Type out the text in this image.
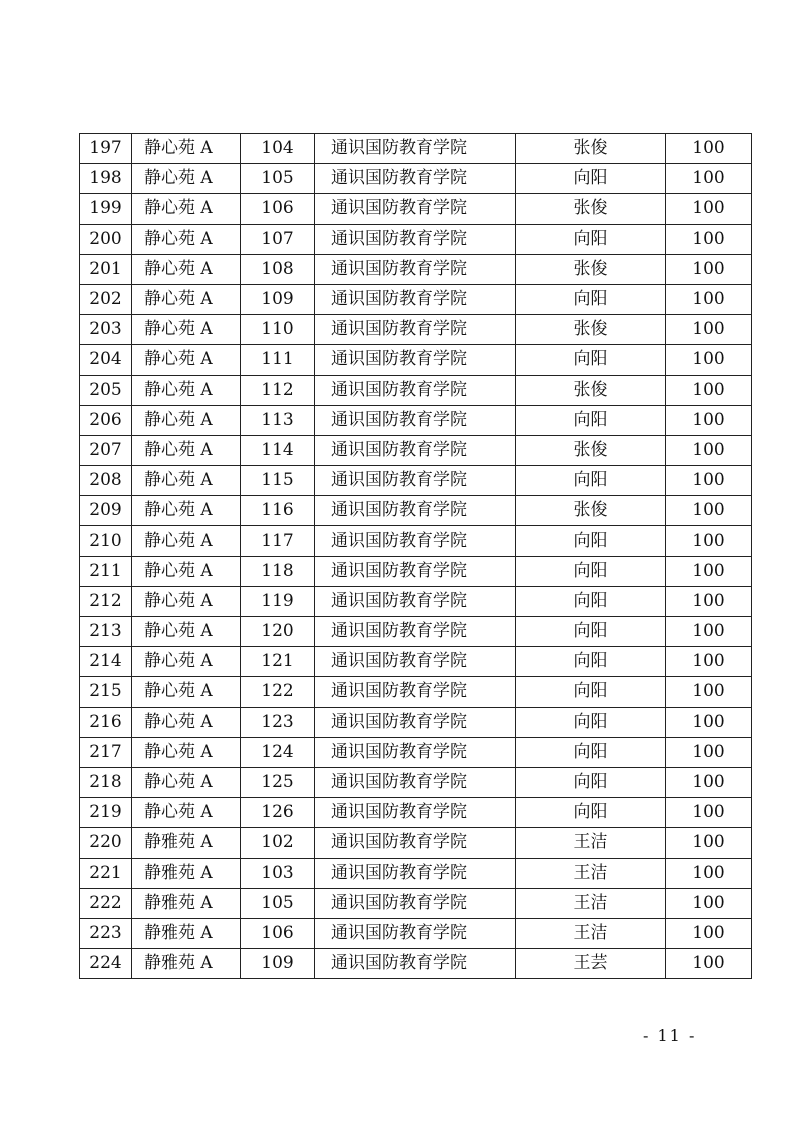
197	静心苑 A	104	通识国防教育学院	张俊	100
198	静心苑 A	105	通识国防教育学院	向阳	100
199	静心苑 A	106	通识国防教育学院	张俊	100
200	静心苑 A	107	通识国防教育学院	向阳	100
201	静心苑 A	108	通识国防教育学院	张俊	100
202	静心苑 A	109	通识国防教育学院	向阳	100
203	静心苑 A	110	通识国防教育学院	张俊	100
204	静心苑 A	111	通识国防教育学院	向阳	100
205	静心苑 A	112	通识国防教育学院	张俊	100
206	静心苑 A	113	通识国防教育学院	向阳	100
207	静心苑 A	114	通识国防教育学院	张俊	100
208	静心苑 A	115	通识国防教育学院	向阳	100
209	静心苑 A	116	通识国防教育学院	张俊	100
210	静心苑 A	117	通识国防教育学院	向阳	100
211	静心苑 A	118	通识国防教育学院	向阳	100
212	静心苑 A	119	通识国防教育学院	向阳	100
213	静心苑 A	120	通识国防教育学院	向阳	100
214	静心苑 A	121	通识国防教育学院	向阳	100
215	静心苑 A	122	通识国防教育学院	向阳	100
216	静心苑 A	123	通识国防教育学院	向阳	100
217	静心苑 A	124	通识国防教育学院	向阳	100
218	静心苑 A	125	通识国防教育学院	向阳	100
219	静心苑 A	126	通识国防教育学院	向阳	100
220	静雅苑 A	102	通识国防教育学院	王洁	100
221	静雅苑 A	103	通识国防教育学院	王洁	100
222	静雅苑 A	105	通识国防教育学院	王洁	100
223	静雅苑 A	106	通识国防教育学院	王洁	100
224	静雅苑 A	109	通识国防教育学院	王芸	100
- 11 -
